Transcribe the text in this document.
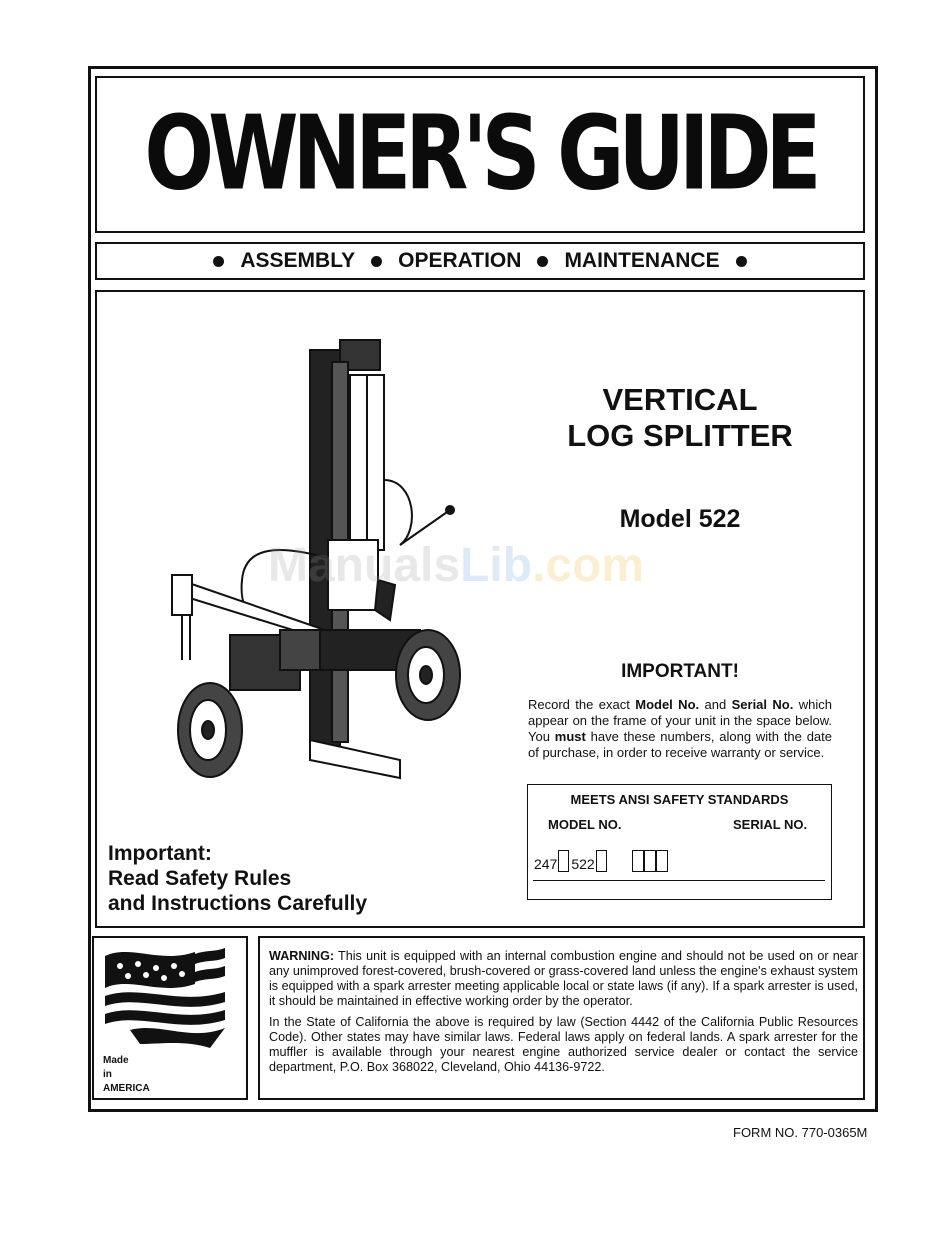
OWNER'S GUIDE
ASSEMBLY OPERATION MAINTENANCE
ManualsLib.com
VERTICAL
LOG SPLITTER
Model 522
IMPORTANT!
Record the exact Model No. and Serial No. which appear on the frame of your unit in the space below. You must have these numbers, along with the date of purchase, in order to receive warranty or service.
MEETS ANSI SAFETY STANDARDS
MODEL NO.	SERIAL NO.
247 522
Important:
Read Safety Rules
and Instructions Carefully
Made
in
AMERICA

WARNING: This unit is equipped with an internal combustion engine and should not be used on or near any unimproved forest-covered, brush-covered or grass-covered land unless the engine's exhaust system is equipped with a spark arrester meeting applicable local or state laws (if any). If a spark arrester is used, it should be maintained in effective working order by the operator.

In the State of California the above is required by law (Section 4442 of the California Public Resources Code). Other states may have similar laws. Federal laws apply on federal lands. A spark arrester for the muffler is available through your nearest engine authorized service dealer or contact the service department, P.O. Box 368022, Cleveland, Ohio 44136-9722.

FORM NO. 770-0365M
